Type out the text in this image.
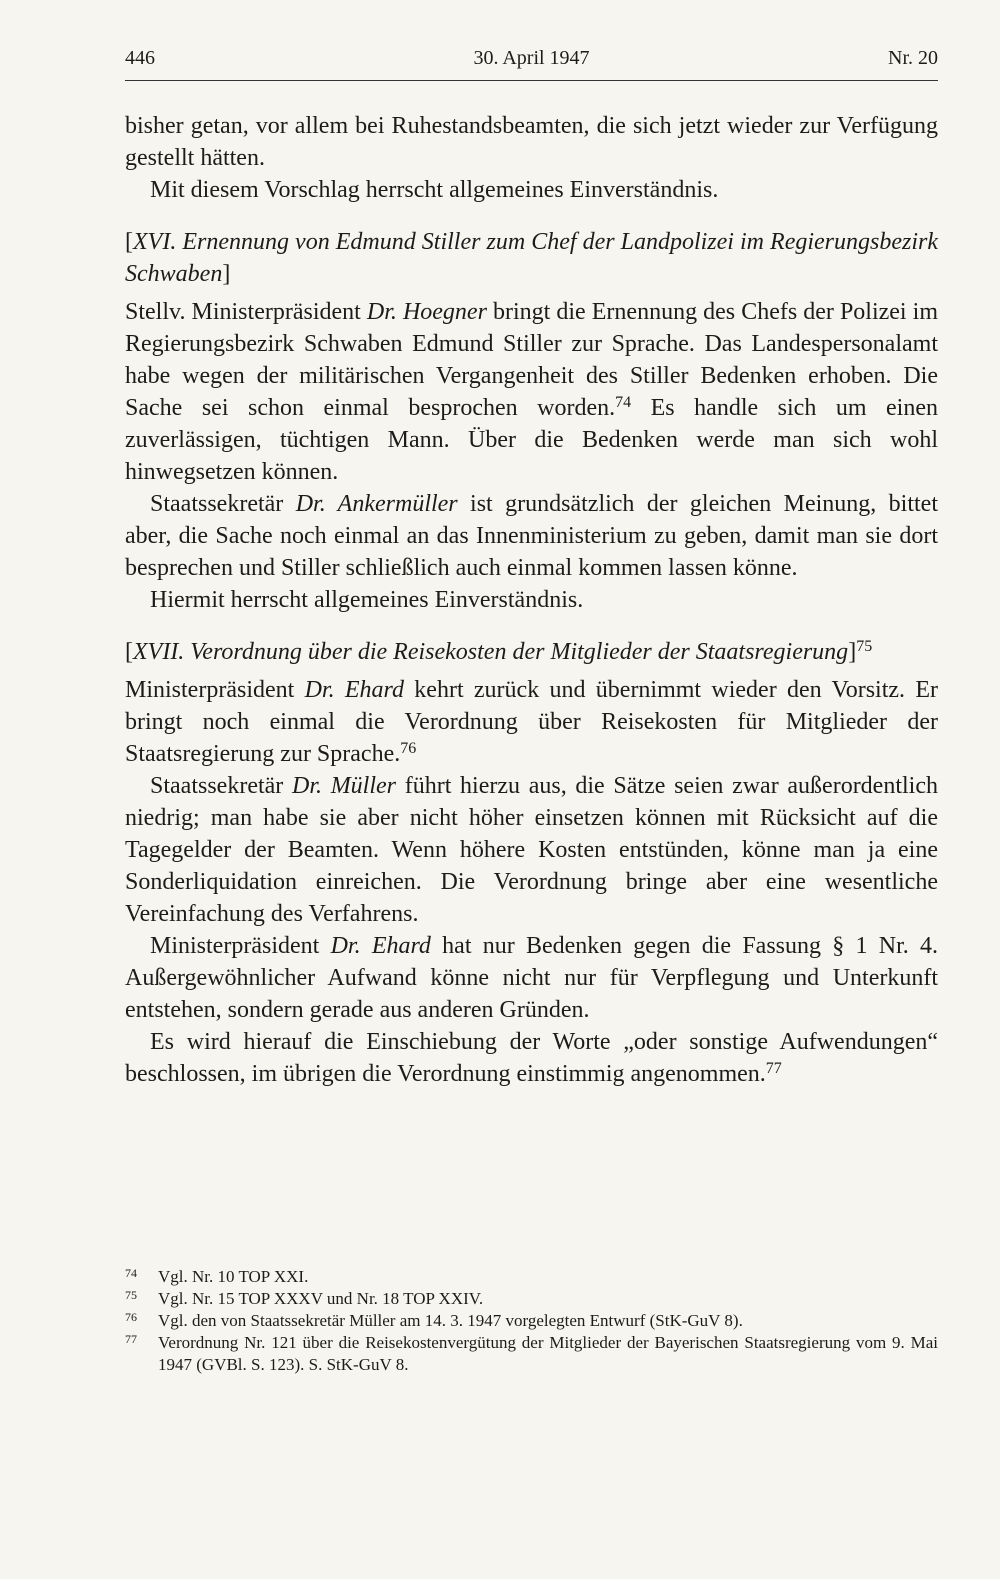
446	30. April 1947	Nr. 20

bisher getan, vor allem bei Ruhestandsbeamten, die sich jetzt wieder zur Verfügung gestellt hätten.

Mit diesem Vorschlag herrscht allgemeines Einverständnis.

[XVI. Ernennung von Edmund Stiller zum Chef der Landpolizei im Regierungsbezirk Schwaben]

Stellv. Ministerpräsident Dr. Hoegner bringt die Ernennung des Chefs der Polizei im Regierungsbezirk Schwaben Edmund Stiller zur Sprache. Das Landespersonalamt habe wegen der militärischen Vergangenheit des Stiller Bedenken erhoben. Die Sache sei schon einmal besprochen worden.$^{74}$ Es handle sich um einen zuverlässigen, tüchtigen Mann. Über die Bedenken werde man sich wohl hinwegsetzen können.

Staatssekretär Dr. Ankermüller ist grundsätzlich der gleichen Meinung, bittet aber, die Sache noch einmal an das Innenministerium zu geben, damit man sie dort besprechen und Stiller schließlich auch einmal kommen lassen könne.

Hiermit herrscht allgemeines Einverständnis.

[XVII. Verordnung über die Reisekosten der Mitglieder der Staatsregierung]$^{75}$

Ministerpräsident Dr. Ehard kehrt zurück und übernimmt wieder den Vorsitz. Er bringt noch einmal die Verordnung über Reisekosten für Mitglieder der Staatsregierung zur Sprache.$^{76}$

Staatssekretär Dr. Müller führt hierzu aus, die Sätze seien zwar außerordentlich niedrig; man habe sie aber nicht höher einsetzen können mit Rücksicht auf die Tagegelder der Beamten. Wenn höhere Kosten entstünden, könne man ja eine Sonderliquidation einreichen. Die Verordnung bringe aber eine wesentliche Vereinfachung des Verfahrens.

Ministerpräsident Dr. Ehard hat nur Bedenken gegen die Fassung § 1 Nr. 4. Außergewöhnlicher Aufwand könne nicht nur für Verpflegung und Unterkunft entstehen, sondern gerade aus anderen Gründen.

Es wird hierauf die Einschiebung der Worte „oder sonstige Aufwendungen“ beschlossen, im übrigen die Verordnung einstimmig angenommen.$^{77}$

74 Vgl. Nr. 10 TOP XXI.
75 Vgl. Nr. 15 TOP XXXV und Nr. 18 TOP XXIV.
76 Vgl. den von Staatssekretär Müller am 14. 3. 1947 vorgelegten Entwurf (StK-GuV 8).
77 Verordnung Nr. 121 über die Reisekostenvergütung der Mitglieder der Bayerischen Staatsregierung vom 9. Mai 1947 (GVBl. S. 123). S. StK-GuV 8.
